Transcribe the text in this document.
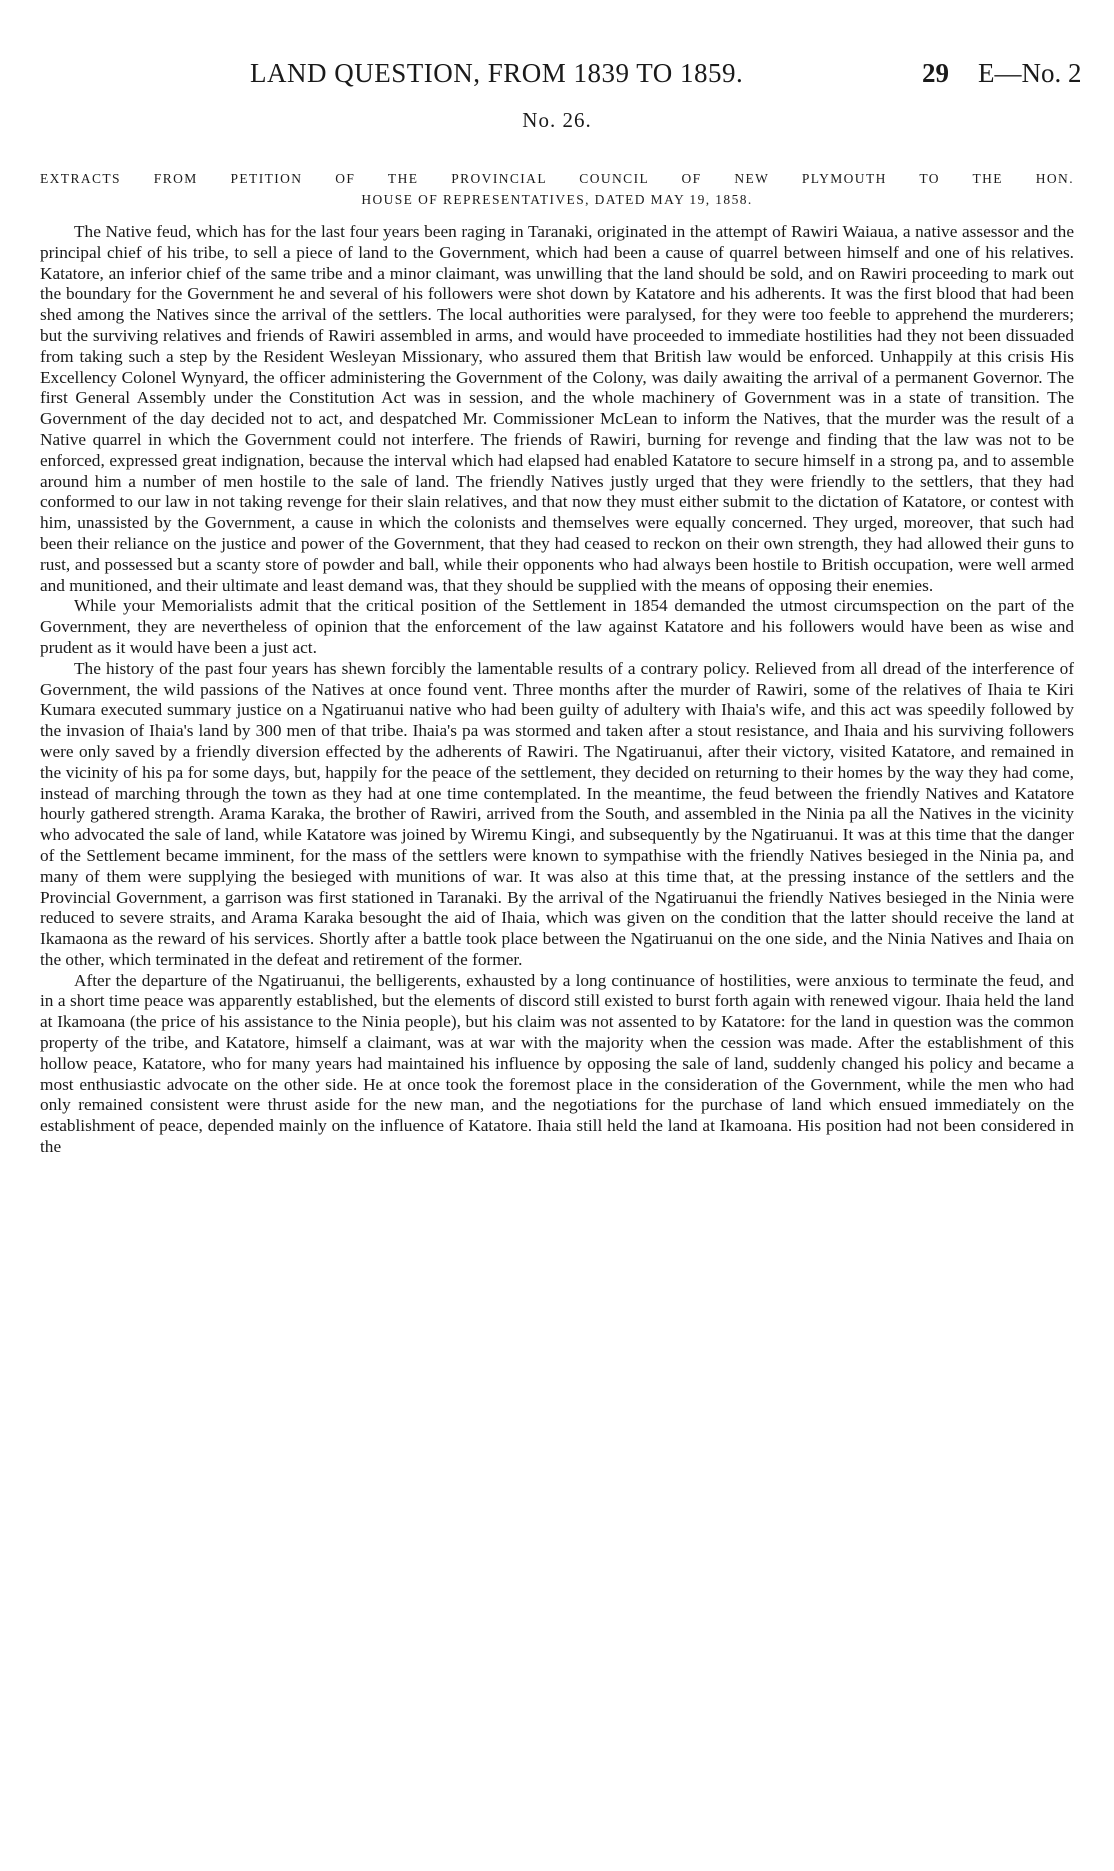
LAND QUESTION, FROM 1839 TO 1859.	29 E—No. 2
No. 26.
EXTRACTS FROM PETITION OF THE PROVINCIAL COUNCIL OF NEW PLYMOUTH TO THE HON.
HOUSE OF REPRESENTATIVES, DATED MAY 19, 1858.

The Native feud, which has for the last four years been raging in Taranaki, originated in the attempt of Rawiri Waiaua, a native assessor and the principal chief of his tribe, to sell a piece of land to the Government, which had been a cause of quarrel between himself and one of his relatives. Katatore, an inferior chief of the same tribe and a minor claimant, was unwilling that the land should be sold, and on Rawiri proceeding to mark out the boundary for the Government he and several of his followers were shot down by Katatore and his adherents. It was the first blood that had been shed among the Natives since the arrival of the settlers. The local authorities were paralysed, for they were too feeble to apprehend the murderers; but the surviving relatives and friends of Rawiri assembled in arms, and would have proceeded to immediate hostilities had they not been dissuaded from taking such a step by the Resident Wesleyan Missionary, who assured them that British law would be enforced. Unhappily at this crisis His Excellency Colonel Wynyard, the officer administering the Government of the Colony, was daily awaiting the arrival of a permanent Governor. The first General Assembly under the Constitution Act was in session, and the whole machinery of Government was in a state of transition. The Government of the day decided not to act, and despatched Mr. Commissioner McLean to inform the Natives, that the murder was the result of a Native quarrel in which the Government could not interfere. The friends of Rawiri, burning for revenge and finding that the law was not to be enforced, expressed great indignation, because the interval which had elapsed had enabled Katatore to secure himself in a strong pa, and to assemble around him a number of men hostile to the sale of land. The friendly Natives justly urged that they were friendly to the settlers, that they had conformed to our law in not taking revenge for their slain relatives, and that now they must either submit to the dictation of Katatore, or contest with him, unassisted by the Government, a cause in which the colonists and themselves were equally concerned. They urged, moreover, that such had been their reliance on the justice and power of the Government, that they had ceased to reckon on their own strength, they had allowed their guns to rust, and possessed but a scanty store of powder and ball, while their opponents who had always been hostile to British occupation, were well armed and munitioned, and their ultimate and least demand was, that they should be supplied with the means of opposing their enemies.

While your Memorialists admit that the critical position of the Settlement in 1854 demanded the utmost circumspection on the part of the Government, they are nevertheless of opinion that the enforcement of the law against Katatore and his followers would have been as wise and prudent as it would have been a just act.

The history of the past four years has shewn forcibly the lamentable results of a contrary policy. Relieved from all dread of the interference of Government, the wild passions of the Natives at once found vent. Three months after the murder of Rawiri, some of the relatives of Ihaia te Kiri Kumara executed summary justice on a Ngatiruanui native who had been guilty of adultery with Ihaia's wife, and this act was speedily followed by the invasion of Ihaia's land by 300 men of that tribe. Ihaia's pa was stormed and taken after a stout resistance, and Ihaia and his surviving followers were only saved by a friendly diversion effected by the adherents of Rawiri. The Ngatiruanui, after their victory, visited Katatore, and remained in the vicinity of his pa for some days, but, happily for the peace of the settlement, they decided on returning to their homes by the way they had come, instead of marching through the town as they had at one time contemplated. In the meantime, the feud between the friendly Natives and Katatore hourly gathered strength. Arama Karaka, the brother of Rawiri, arrived from the South, and assembled in the Ninia pa all the Natives in the vicinity who advocated the sale of land, while Katatore was joined by Wiremu Kingi, and subsequently by the Ngatiruanui. It was at this time that the danger of the Settlement became imminent, for the mass of the settlers were known to sympathise with the friendly Natives besieged in the Ninia pa, and many of them were supplying the besieged with munitions of war. It was also at this time that, at the pressing instance of the settlers and the Provincial Government, a garrison was first stationed in Taranaki. By the arrival of the Ngatiruanui the friendly Natives besieged in the Ninia were reduced to severe straits, and Arama Karaka besought the aid of Ihaia, which was given on the condition that the latter should receive the land at Ikamaona as the reward of his services. Shortly after a battle took place between the Ngatiruanui on the one side, and the Ninia Natives and Ihaia on the other, which terminated in the defeat and retirement of the former.

After the departure of the Ngatiruanui, the belligerents, exhausted by a long continuance of hostilities, were anxious to terminate the feud, and in a short time peace was apparently established, but the elements of discord still existed to burst forth again with renewed vigour. Ihaia held the land at Ikamoana (the price of his assistance to the Ninia people), but his claim was not assented to by Katatore: for the land in question was the common property of the tribe, and Katatore, himself a claimant, was at war with the majority when the cession was made. After the establishment of this hollow peace, Katatore, who for many years had maintained his influence by opposing the sale of land, suddenly changed his policy and became a most enthusiastic advocate on the other side. He at once took the foremost place in the consideration of the Government, while the men who had only remained consistent were thrust aside for the new man, and the negotiations for the purchase of land which ensued immediately on the establishment of peace, depended mainly on the influence of Katatore. Ihaia still held the land at Ikamoana. His position had not been considered in the
